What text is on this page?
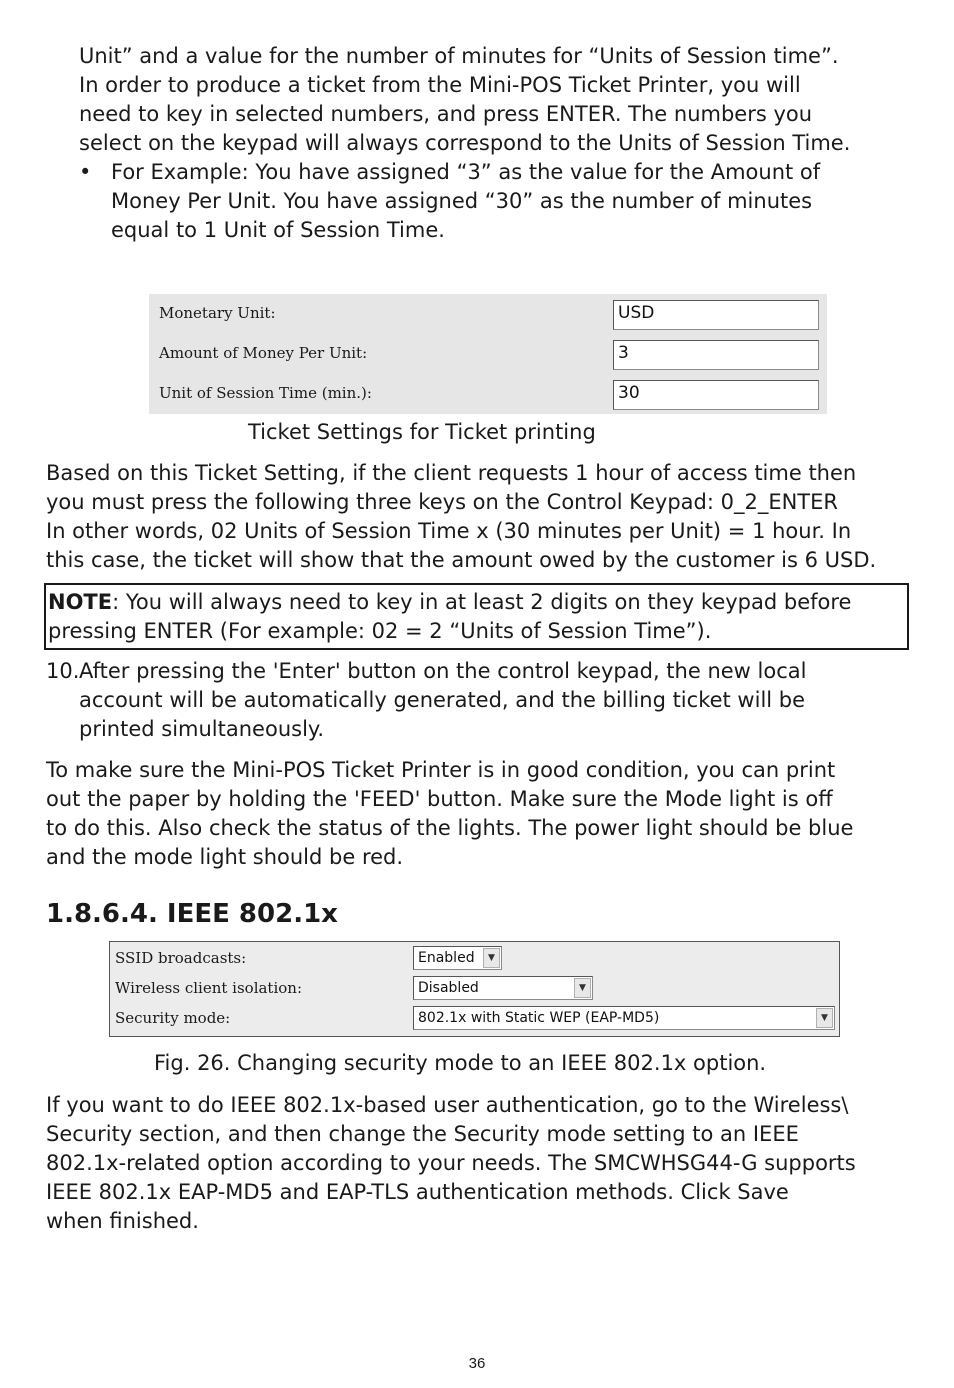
Unit” and a value for the number of minutes for “Units of Session time”.
In order to produce a ticket from the Mini-POS Ticket Printer, you will
need to key in selected numbers, and press ENTER. The numbers you
select on the keypad will always correspond to the Units of Session Time.
• For Example: You have assigned “3” as the value for the Amount of
Money Per Unit. You have assigned “30” as the number of minutes
equal to 1 Unit of Session Time.
Monetary Unit:	USD
Amount of Money Per Unit:	3
Unit of Session Time (min.):	30
Ticket Settings for Ticket printing
Based on this Ticket Setting, if the client requests 1 hour of access time then
you must press the following three keys on the Control Keypad: 0_2_ENTER
In other words, 02 Units of Session Time x (30 minutes per Unit) = 1 hour. In
this case, the ticket will show that the amount owed by the customer is 6 USD.
NOTE: You will always need to key in at least 2 digits on they keypad before
pressing ENTER (For example: 02 = 2 “Units of Session Time”).
10. After pressing the 'Enter' button on the control keypad, the new local
account will be automatically generated, and the billing ticket will be
printed simultaneously.
To make sure the Mini-POS Ticket Printer is in good condition, you can print
out the paper by holding the 'FEED' button. Make sure the Mode light is off
to do this. Also check the status of the lights. The power light should be blue
and the mode light should be red.
1.8.6.4. IEEE 802.1x
SSID broadcasts:	Enabled	▼
Wireless client isolation:	Disabled	▼
Security mode:	802.1x with Static WEP (EAP-MD5)	▼
Fig. 26. Changing security mode to an IEEE 802.1x option.
If you want to do IEEE 802.1x-based user authentication, go to the Wireless\
Security section, and then change the Security mode setting to an IEEE
802.1x-related option according to your needs. The SMCWHSG44-G supports
IEEE 802.1x EAP-MD5 and EAP-TLS authentication methods. Click Save
when finished.
36
